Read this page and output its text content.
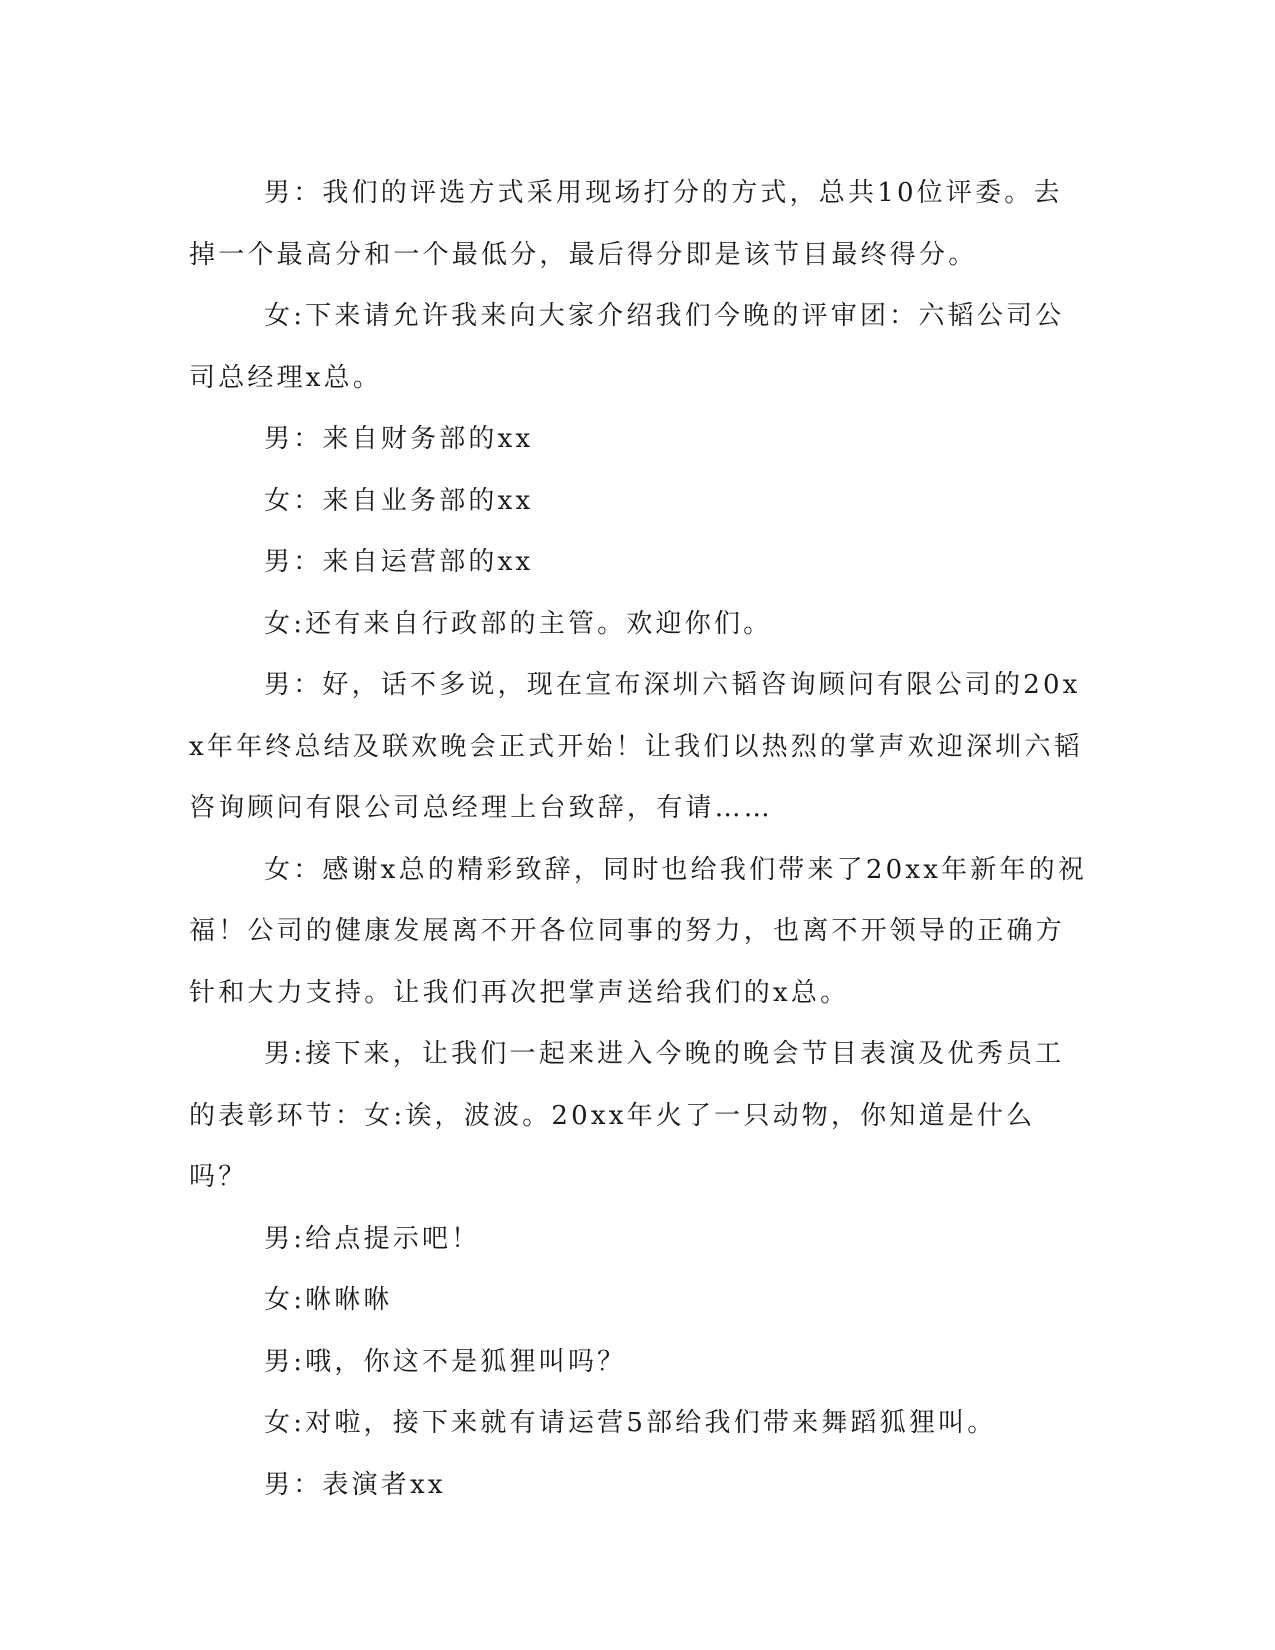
男：我们的评选方式采用现场打分的方式，总共10位评委。去掉一个最高分和一个最低分，最后得分即是该节目最终得分。

女:下来请允许我来向大家介绍我们今晚的评审团：六韬公司公司总经理x总。

男：来自财务部的xx

女：来自业务部的xx

男：来自运营部的xx

女:还有来自行政部的主管。欢迎你们。

男：好，话不多说，现在宣布深圳六韬咨询顾问有限公司的20xx年年终总结及联欢晚会正式开始！让我们以热烈的掌声欢迎深圳六韬咨询顾问有限公司总经理上台致辞，有请……

女：感谢x总的精彩致辞，同时也给我们带来了20xx年新年的祝福！公司的健康发展离不开各位同事的努力，也离不开领导的正确方针和大力支持。让我们再次把掌声送给我们的x总。

男:接下来，让我们一起来进入今晚的晚会节目表演及优秀员工的表彰环节：女:诶，波波。20xx年火了一只动物，你知道是什么吗？

男:给点提示吧！

女:咻咻咻

男:哦，你这不是狐狸叫吗？

女:对啦，接下来就有请运营5部给我们带来舞蹈狐狸叫。

男：表演者xx
